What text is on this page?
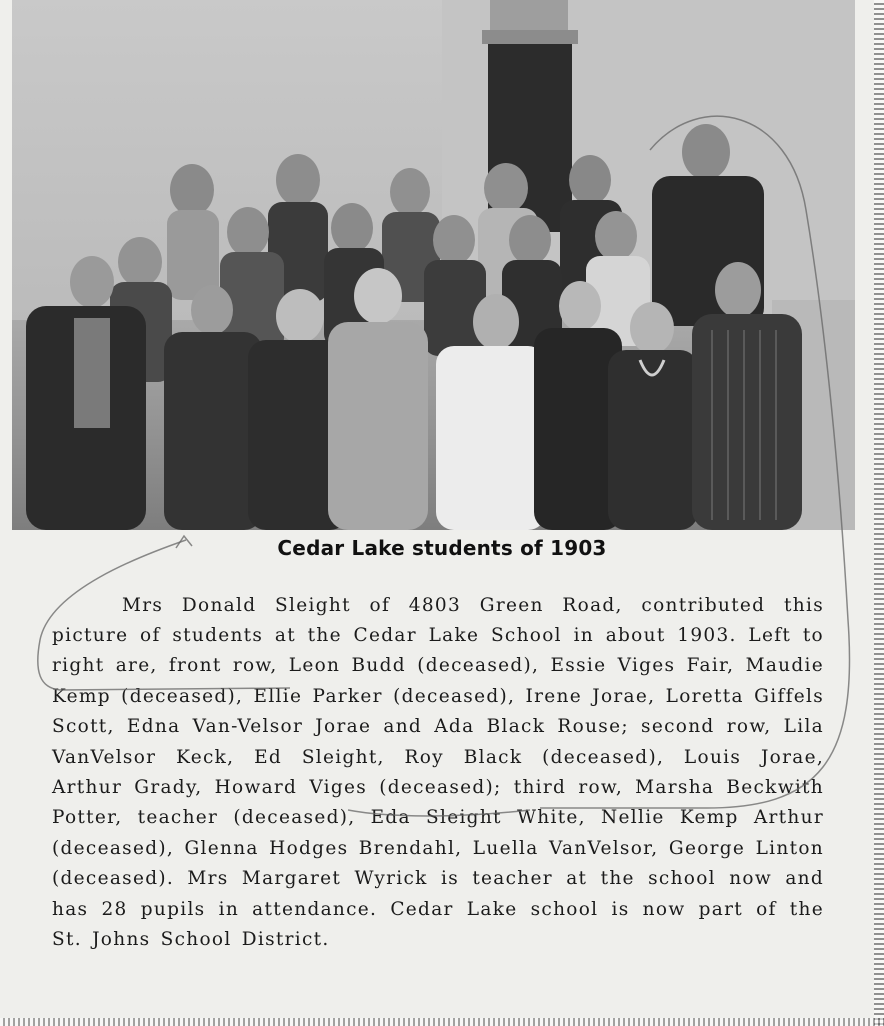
Cedar Lake students of 1903

Mrs Donald Sleight of 4803 Green Road, contributed this picture of students at the Cedar Lake School in about 1903. Left to right are, front row, Leon Budd (deceased), Essie Viges Fair, Maudie Kemp (deceased), Ellie Parker (deceased), Irene Jorae, Loretta Giffels Scott, Edna Van-Velsor Jorae and Ada Black Rouse; second row, Lila VanVelsor Keck, Ed Sleight, Roy Black (deceased), Louis Jorae, Arthur Grady, Howard Viges (deceased); third row, Marsha Beckwith Potter, teacher (deceased), Eda Sleight White, Nellie Kemp Arthur (deceased), Glenna Hodges Brendahl, Luella VanVelsor, George Linton (deceased). Mrs Margaret Wyrick is teacher at the school now and has 28 pupils in attendance. Cedar Lake school is now part of the St. Johns School District.
